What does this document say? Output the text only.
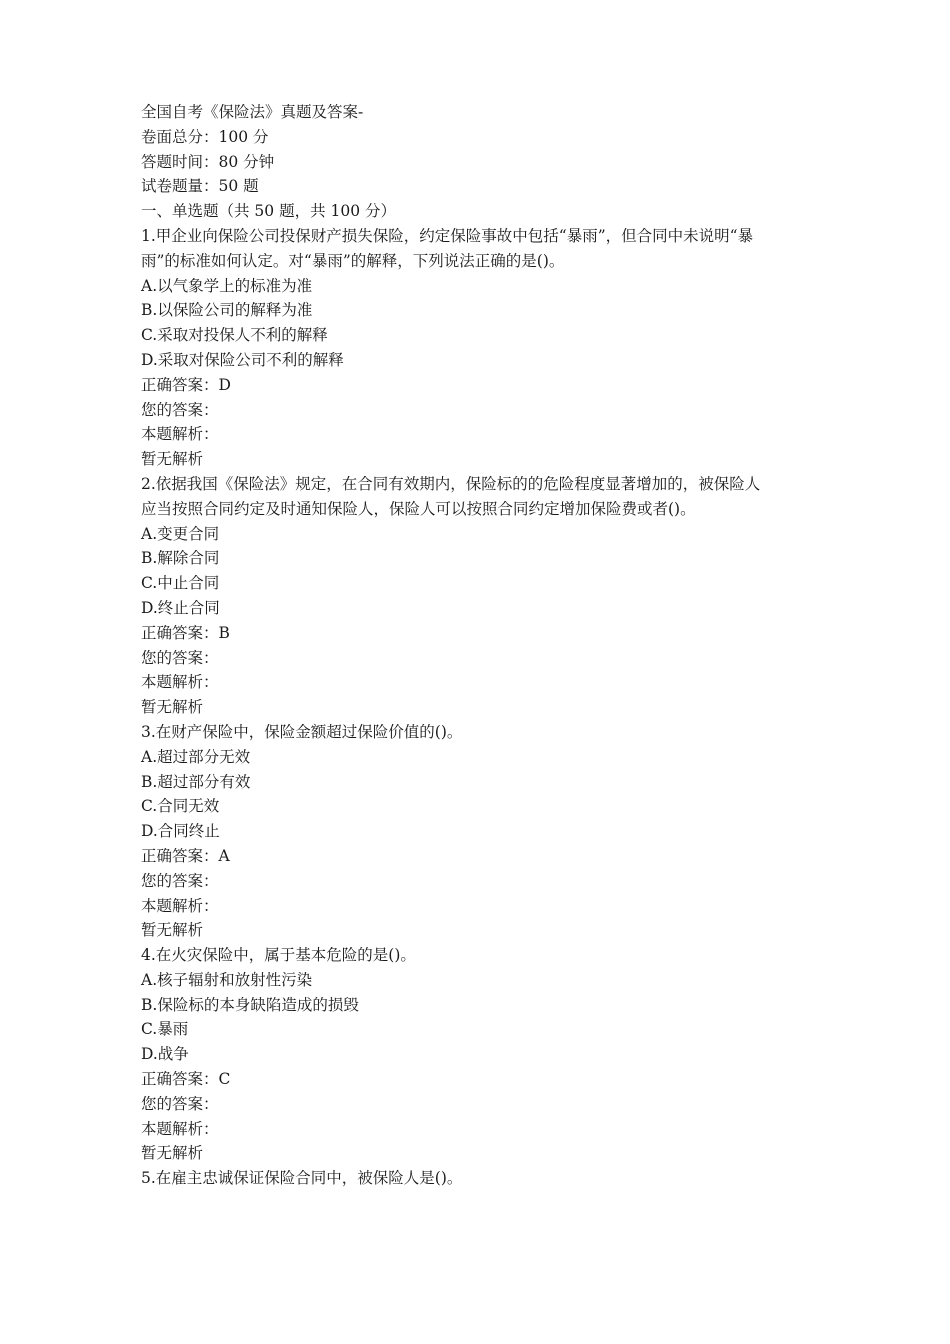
全国自考《保险法》真题及答案-
卷面总分：100 分
答题时间：80 分钟
试卷题量：50 题
一、单选题（共 50 题，共 100 分）
1.甲企业向保险公司投保财产损失保险，约定保险事故中包括“暴雨”，但合同中未说明“暴
雨”的标准如何认定。对“暴雨”的解释，下列说法正确的是()。
A.以气象学上的标准为准
B.以保险公司的解释为准
C.采取对投保人不利的解释
D.采取对保险公司不利的解释
正确答案：D
您的答案：
本题解析：
暂无解析
2.依据我国《保险法》规定，在合同有效期内，保险标的的危险程度显著增加的，被保险人
应当按照合同约定及时通知保险人，保险人可以按照合同约定增加保险费或者()。
A.变更合同
B.解除合同
C.中止合同
D.终止合同
正确答案：B
您的答案：
本题解析：
暂无解析
3.在财产保险中，保险金额超过保险价值的()。
A.超过部分无效
B.超过部分有效
C.合同无效
D.合同终止
正确答案：A
您的答案：
本题解析：
暂无解析
4.在火灾保险中，属于基本危险的是()。
A.核子辐射和放射性污染
B.保险标的本身缺陷造成的损毁
C.暴雨
D.战争
正确答案：C
您的答案：
本题解析：
暂无解析
5.在雇主忠诚保证保险合同中，被保险人是()。
